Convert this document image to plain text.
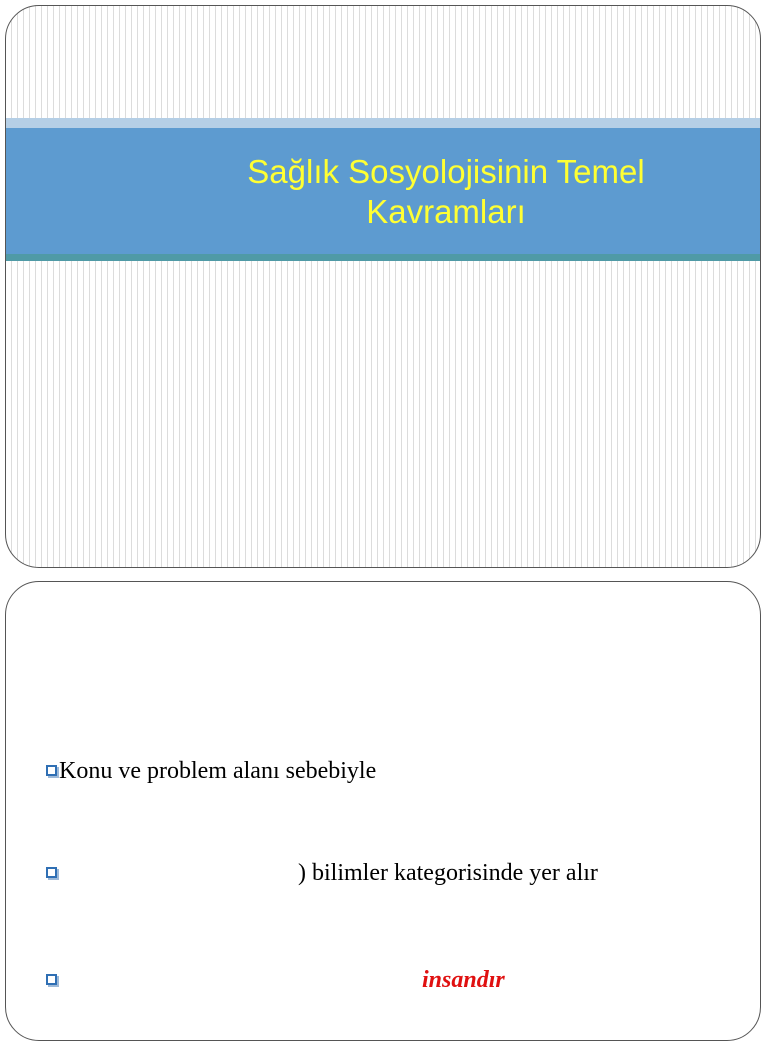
Sağlık Sosyolojisinin Temel
Kavramları
Konu ve problem alanı sebebiyle
) bilimler kategorisinde yer alır
insandır
